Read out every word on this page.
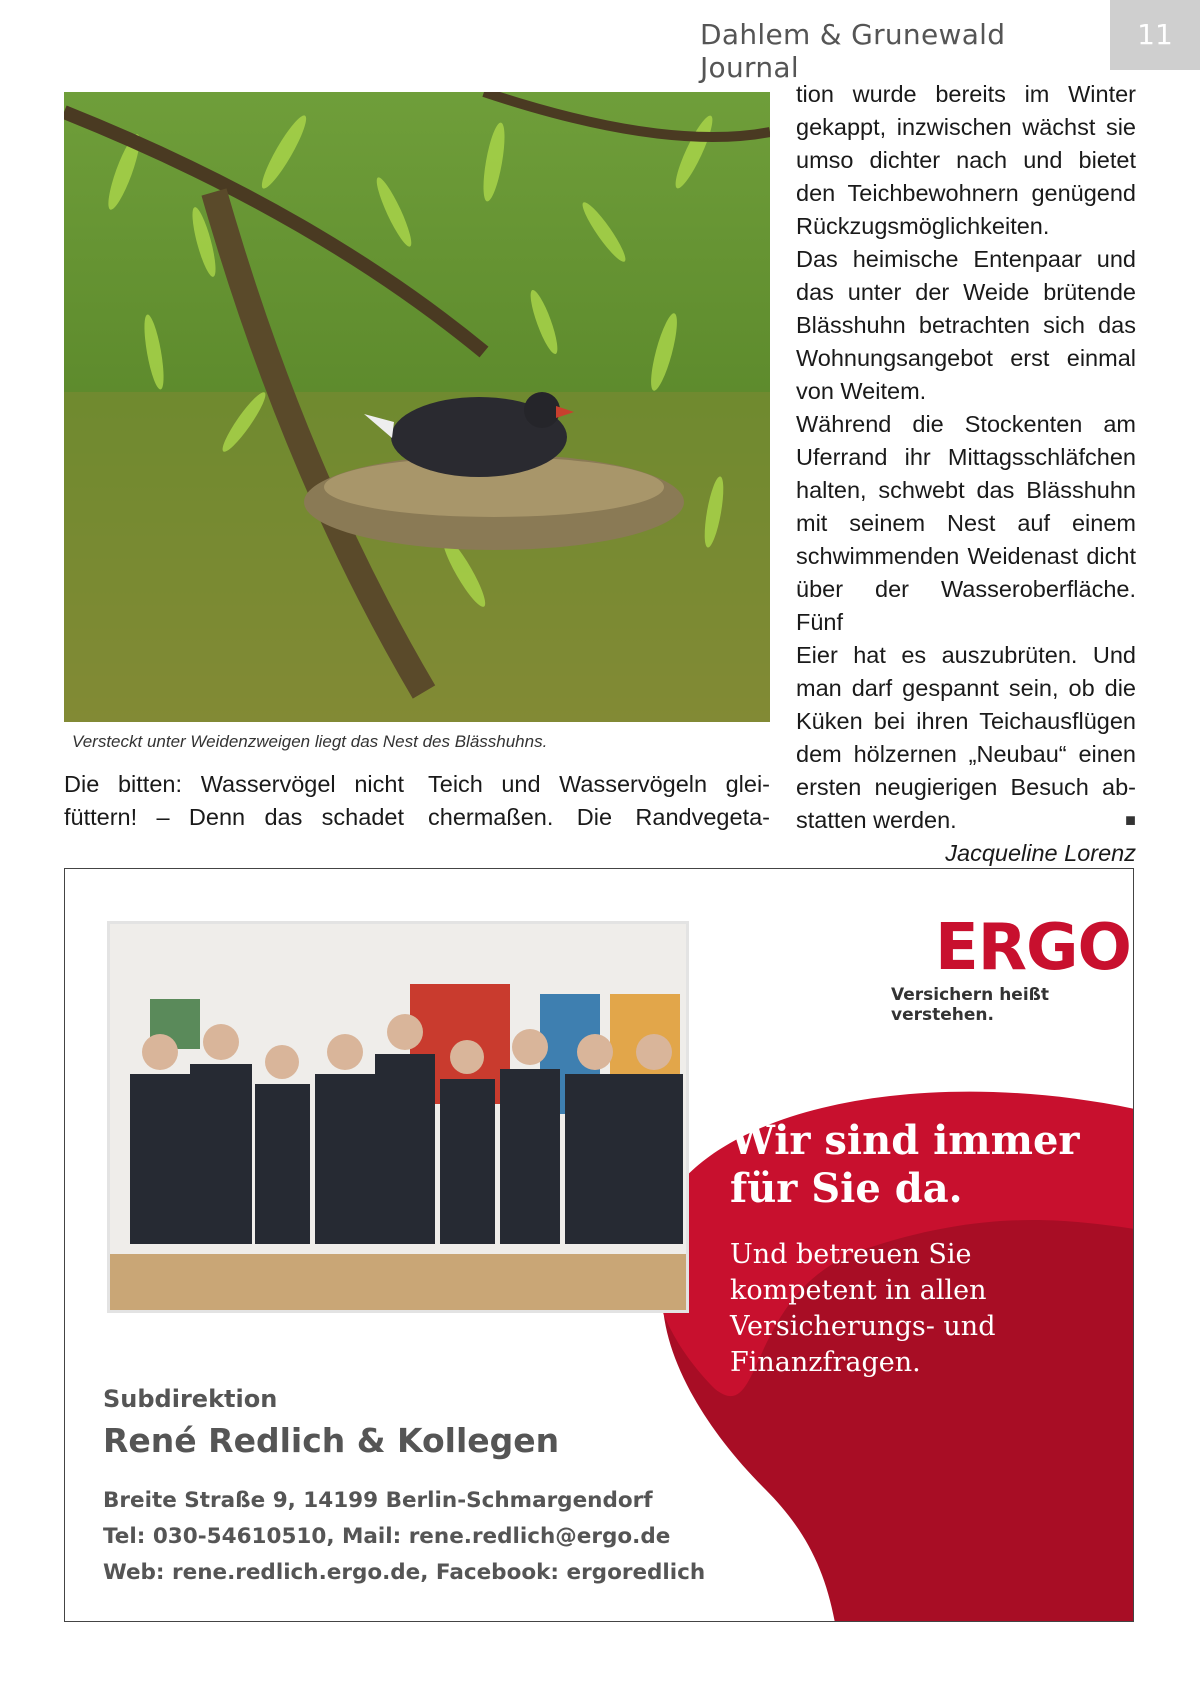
Dahlem & Grunewald Journal
11
Versteckt unter Weidenzweigen liegt das Nest des Blässhuhns.
Die bitten: Wasservögel nicht
füttern! – Denn das schadet
Teich und Wasservögeln glei-
chermaßen. Die Randvegeta-
tion wurde bereits im Winter
gekappt, inzwischen wächst sie
umso dichter nach und bietet
den Teichbewohnern genügend
Rückzugsmöglichkeiten.
Das heimische Entenpaar und
das unter der Weide brütende
Blässhuhn betrachten sich das
Wohnungsangebot erst einmal
von Weitem.
Während die Stockenten am
Uferrand ihr Mittagsschläfchen
halten, schwebt das Blässhuhn
mit seinem Nest auf einem
schwimmenden Weidenast dicht
über der Wasseroberfläche. Fünf
Eier hat es auszubrüten. Und
man darf gespannt sein, ob die
Küken bei ihren Teichausflügen
dem hölzernen „Neubau“ einen
ersten neugierigen Besuch ab-
statten werden.	■
Jacqueline Lorenz
ERGO
Versichern heißt verstehen.
Wir sind immer
für Sie da.
Und betreuen Sie
kompetent in allen
Versicherungs- und
Finanzfragen.
Subdirektion
René Redlich & Kollegen
Breite Straße 9, 14199 Berlin-Schmargendorf
Tel: 030-54610510, Mail: rene.redlich@ergo.de
Web: rene.redlich.ergo.de, Facebook: ergoredlich
